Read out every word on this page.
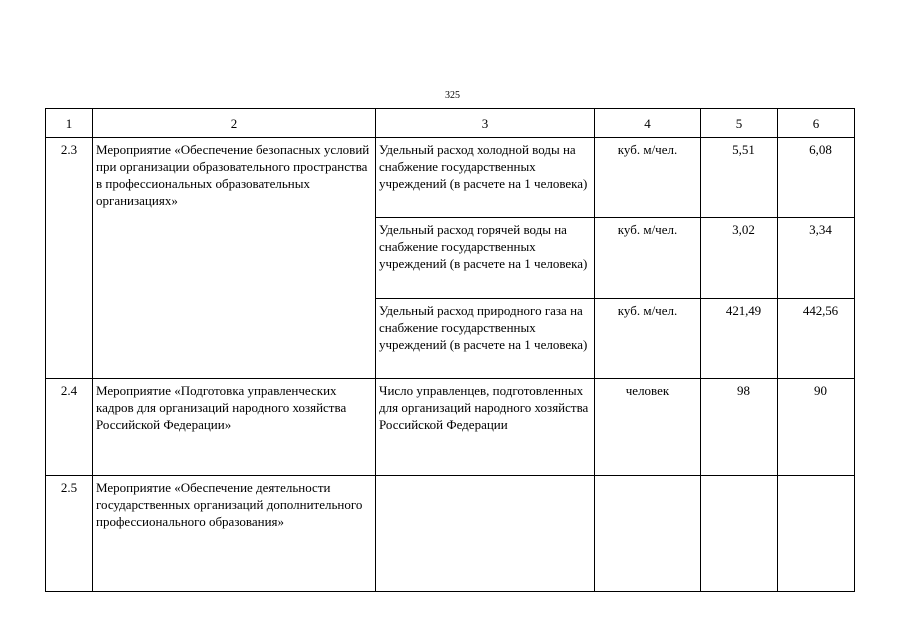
325
1	2	3	4	5	6
2.3	Мероприятие «Обеспечение безопасных условий при организации образовательного пространства в профессиональных образовательных организациях»	Удельный расход холодной воды на снабжение государственных учреждений (в расчете на 1 человека)	куб. м/чел.	5,51	6,08
		Удельный расход горячей воды на снабжение государственных учреждений (в расчете на 1 человека)	куб. м/чел.	3,02	3,34
		Удельный расход природного газа на снабжение государственных учреждений (в расчете на 1 человека)	куб. м/чел.	421,49	442,56
2.4	Мероприятие «Подготовка управленческих кадров для организаций народного хозяйства Российской Федерации»	Число управленцев, подготовленных для организаций народного хозяйства Российской Федерации	человек	98	90
2.5	Мероприятие «Обеспечение деятельности государственных организаций дополнительного профессионального образования»				
